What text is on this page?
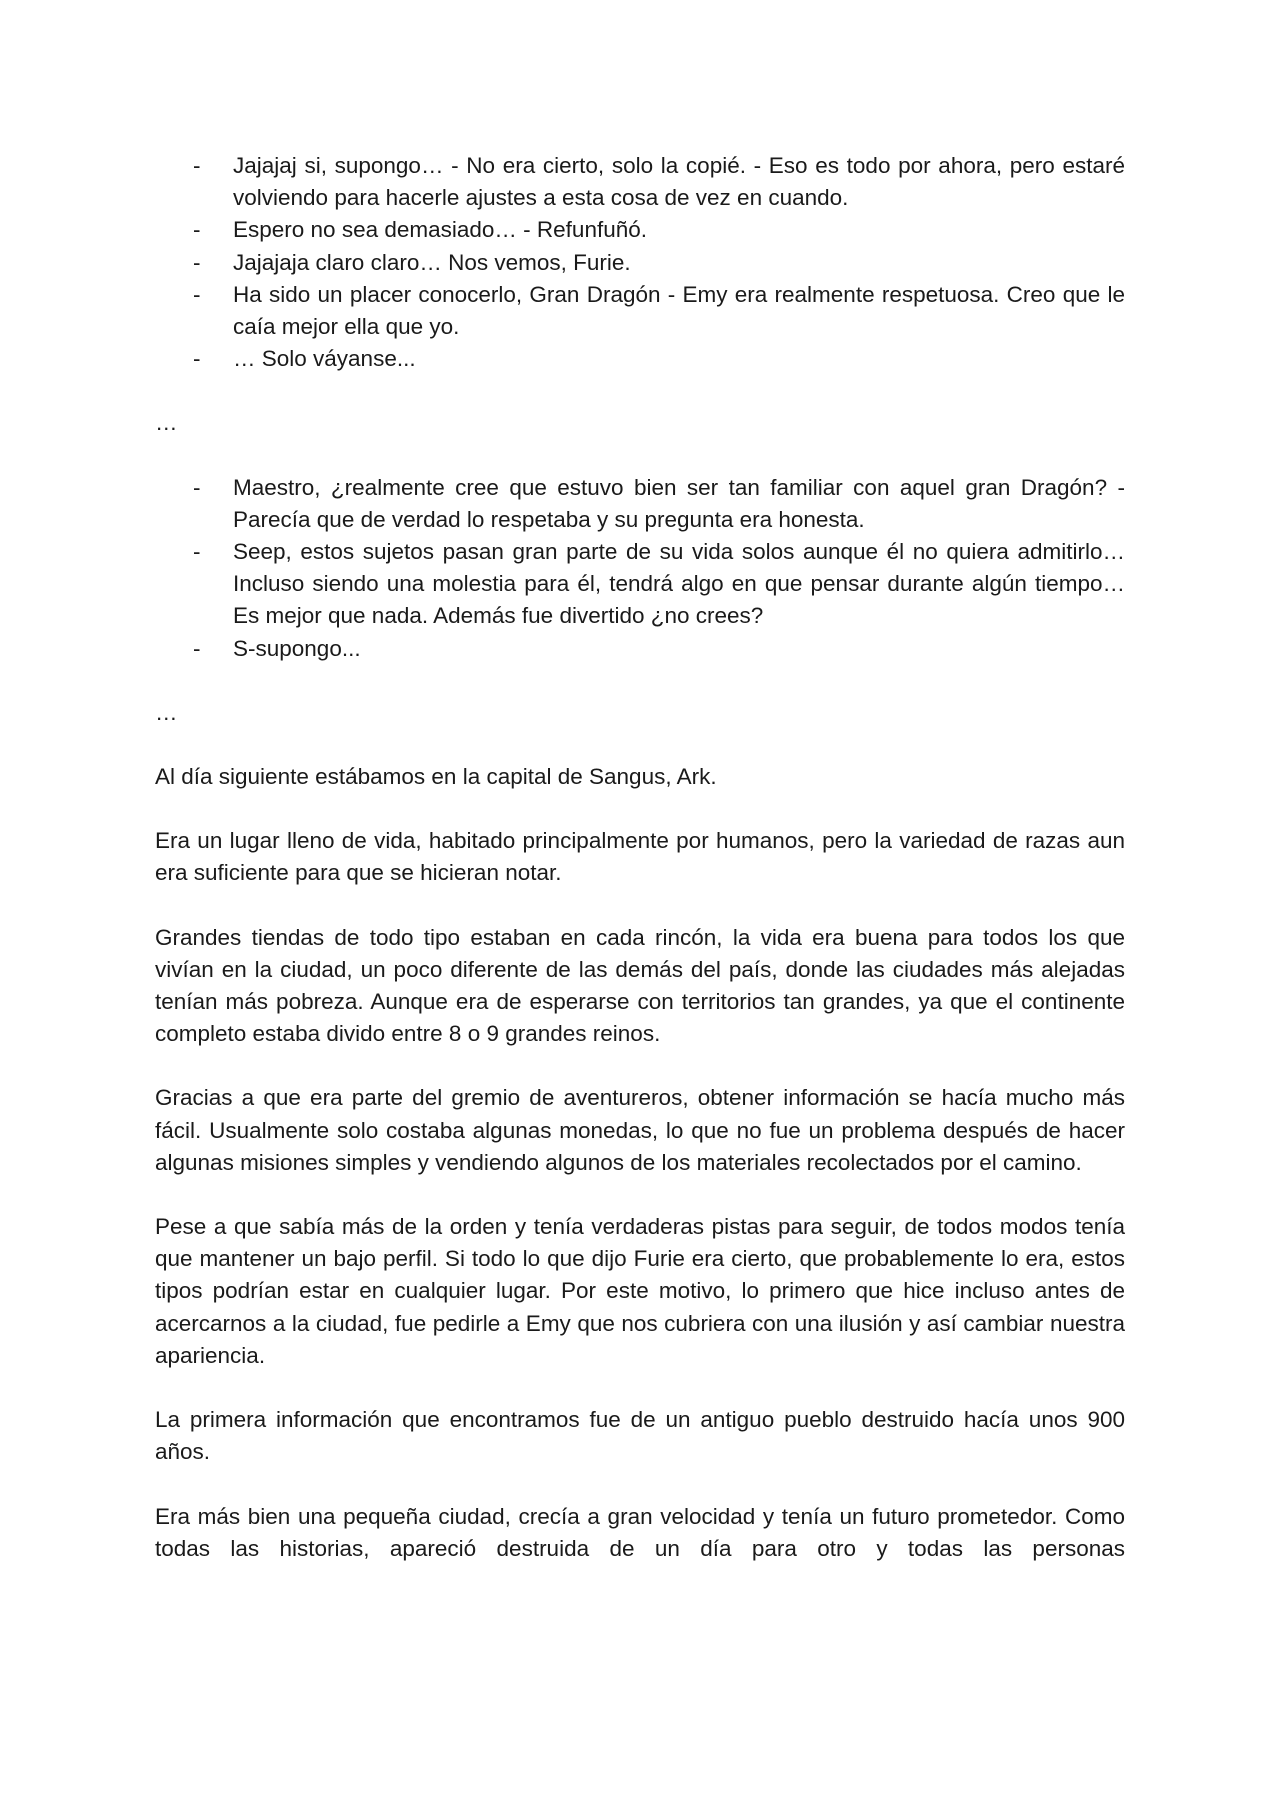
- Jajajaj si, supongo… - No era cierto, solo la copié. - Eso es todo por ahora, pero estaré volviendo para hacerle ajustes a esta cosa de vez en cuando.
- Espero no sea demasiado… - Refunfuñó.
- Jajajaja claro claro… Nos vemos, Furie.
- Ha sido un placer conocerlo, Gran Dragón - Emy era realmente respetuosa. Creo que le caía mejor ella que yo.
- … Solo váyanse...

…

- Maestro, ¿realmente cree que estuvo bien ser tan familiar con aquel gran Dragón? - Parecía que de verdad lo respetaba y su pregunta era honesta.
- Seep, estos sujetos pasan gran parte de su vida solos aunque él no quiera admitirlo… Incluso siendo una molestia para él, tendrá algo en que pensar durante algún tiempo… Es mejor que nada. Además fue divertido ¿no crees?
- S-supongo...

…

Al día siguiente estábamos en la capital de Sangus, Ark.

Era un lugar lleno de vida, habitado principalmente por humanos, pero la variedad de razas aun era suficiente para que se hicieran notar.

Grandes tiendas de todo tipo estaban en cada rincón, la vida era buena para todos los que vivían en la ciudad, un poco diferente de las demás del país, donde las ciudades más alejadas tenían más pobreza. Aunque era de esperarse con territorios tan grandes, ya que el continente completo estaba divido entre 8 o 9 grandes reinos.

Gracias a que era parte del gremio de aventureros, obtener información se hacía mucho más fácil. Usualmente solo costaba algunas monedas, lo que no fue un problema después de hacer algunas misiones simples y vendiendo algunos de los materiales recolectados por el camino.

Pese a que sabía más de la orden y tenía verdaderas pistas para seguir, de todos modos tenía que mantener un bajo perfil. Si todo lo que dijo Furie era cierto, que probablemente lo era, estos tipos podrían estar en cualquier lugar. Por este motivo, lo primero que hice incluso antes de acercarnos a la ciudad, fue pedirle a Emy que nos cubriera con una ilusión y así cambiar nuestra apariencia.

La primera información que encontramos fue de un antiguo pueblo destruido hacía unos 900 años.

Era más bien una pequeña ciudad, crecía a gran velocidad y tenía un futuro prometedor. Como todas las historias, apareció destruida de un día para otro y todas las personas
